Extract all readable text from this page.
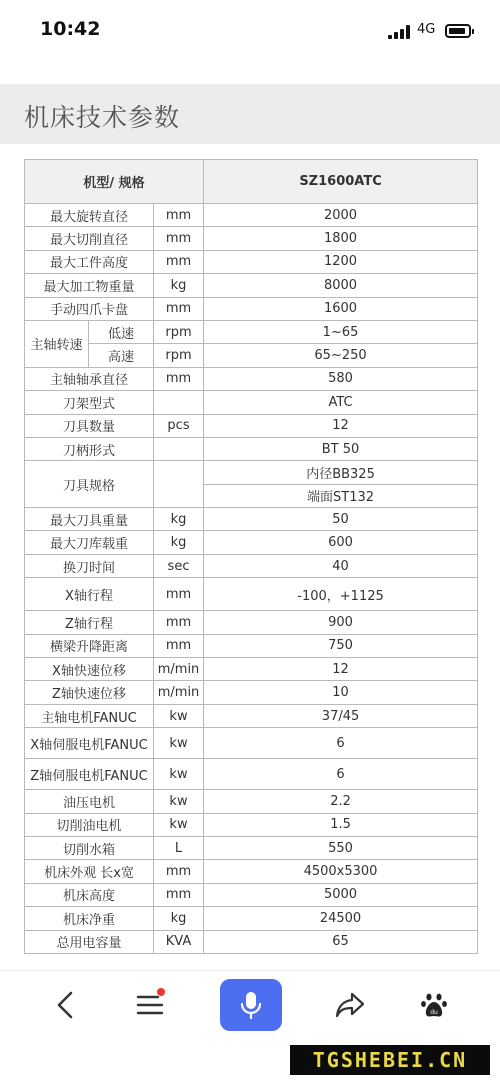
10:42	4G
机床技术参数
机型/ 规格			SZ1600ATC
最大旋转直径		mm	2000
最大切削直径		mm	1800
最大工件高度		mm	1200
最大加工物重量		kg	8000
手动四爪卡盘		mm	1600
主轴转速	低速	rpm	1~65
	高速	rpm	65~250
主轴轴承直径		mm	580
刀架型式			ATC
刀具数量		pcs	12
刀柄形式			BT 50
刀具规格			内径BB325
			端面ST132
最大刀具重量		kg	50
最大刀库载重		kg	600
换刀时间		sec	40
X轴行程		mm	-100，+1125
Z轴行程		mm	900
横梁升降距离		mm	750
X轴快速位移		m/min	12
Z轴快速位移		m/min	10
主轴电机FANUC		kw	37/45
X轴伺服电机FANUC		kw	6
Z轴伺服电机FANUC		kw	6
油压电机		kw	2.2
切削油电机		kw	1.5
切削水箱		L	550
机床外观 长x宽		mm	4500x5300
机床高度		mm	5000
机床净重		kg	24500
总用电容量		KVA	65
du
TGSHEBEI.CN
